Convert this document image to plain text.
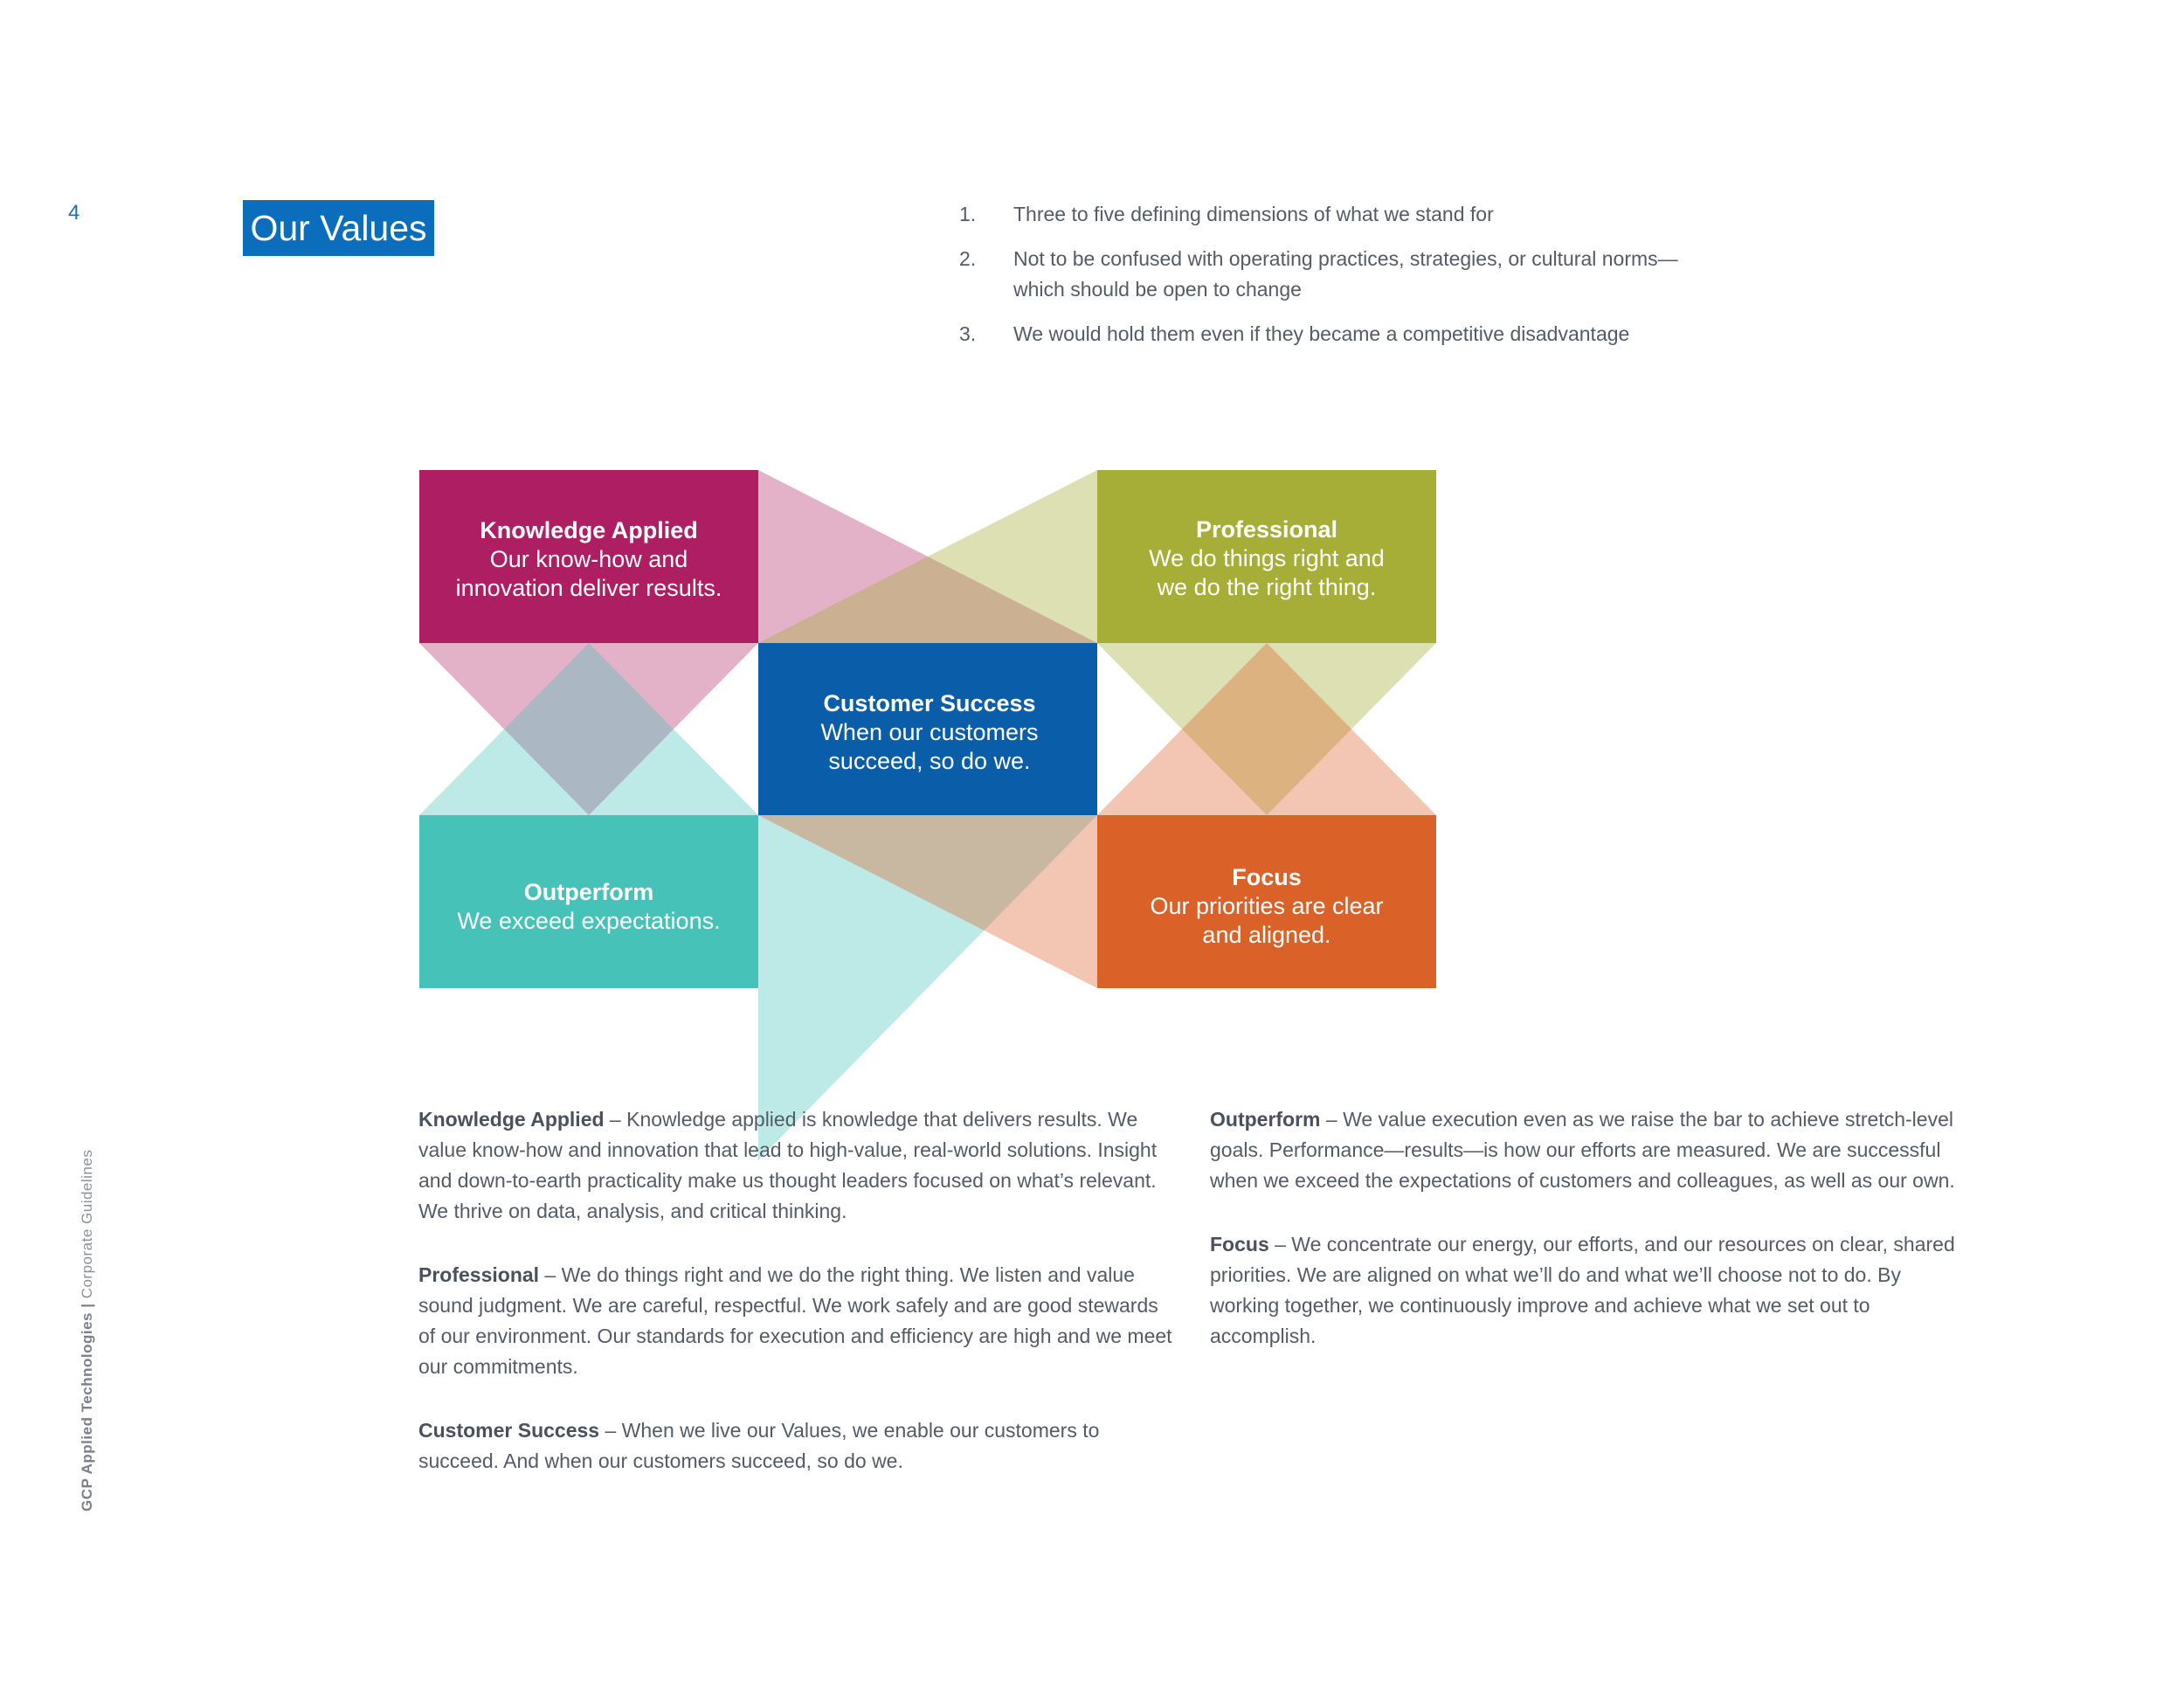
4	Our Values	1. Three to five defining dimensions of what we stand for
2. Not to be confused with operating practices, strategies, or cultural norms—
which should be open to change
3. We would hold them even if they became a competitive disadvantage
Knowledge Applied
Our know-how and innovation deliver results.
Professional
We do things right and we do the right thing.
Customer Success
When our customers succeed, so do we.
Outperform
We exceed expectations.
Focus
Our priorities are clear and aligned.

Knowledge Applied – Knowledge applied is knowledge that delivers results. We value know-how and innovation that lead to high-value, real-world solutions. Insight and down-to-earth practicality make us thought leaders focused on what’s relevant. We thrive on data, analysis, and critical thinking.

Professional – We do things right and we do the right thing. We listen and value sound judgment. We are careful, respectful. We work safely and are good stewards of our environment. Our standards for execution and efficiency are high and we meet our commitments.

Customer Success – When we live our Values, we enable our customers to succeed. And when our customers succeed, so do we.

Outperform – We value execution even as we raise the bar to achieve stretch-level goals. Performance—results—is how our efforts are measured. We are successful when we exceed the expectations of customers and colleagues, as well as our own.

Focus – We concentrate our energy, our efforts, and our resources on clear, shared priorities. We are aligned on what we’ll do and what we’ll choose not to do. By working together, we continuously improve and achieve what we set out to accomplish.

GCP Applied Technologies | Corporate Guidelines
